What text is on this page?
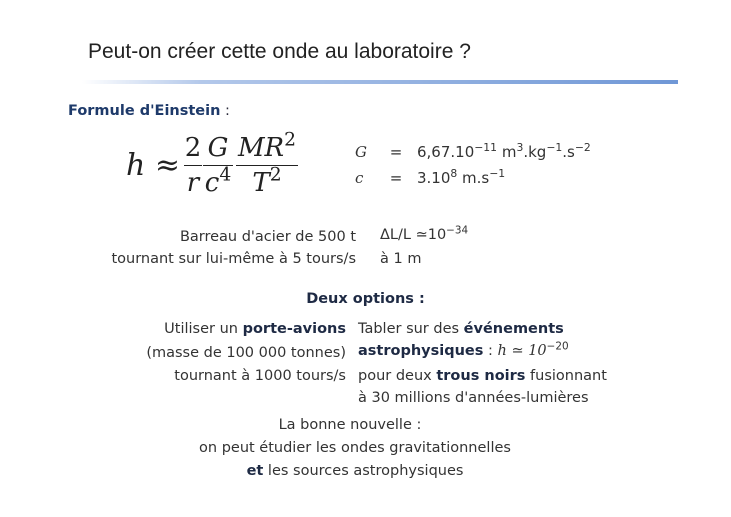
Peut-on créer cette onde au laboratoire ?
Formule d'Einstein :
h ≈ 2
r
G
$c^4$
$MR^2$
$T^2$
$G = 6,67.10^{-11}$ $m^3.kg^{-1}.s^{-2}$
$c = 3.10^8$ $m.s^{-1}$
Barreau d'acier de 500 t
tournant sur lui-même à 5 tours/s
ΔL/L $≃10^{-34}$
à 1 m
Deux options :
Utiliser un porte-avions
(masse de 100 000 tonnes)
tournant à 1000 tours/s
Tabler sur des événements
astrophysiques : h ≃ $10^{-20}$
pour deux trous noirs fusionnant
à 30 millions d'années-lumières
La bonne nouvelle :
on peut étudier les ondes gravitationnelles
et les sources astrophysiques
